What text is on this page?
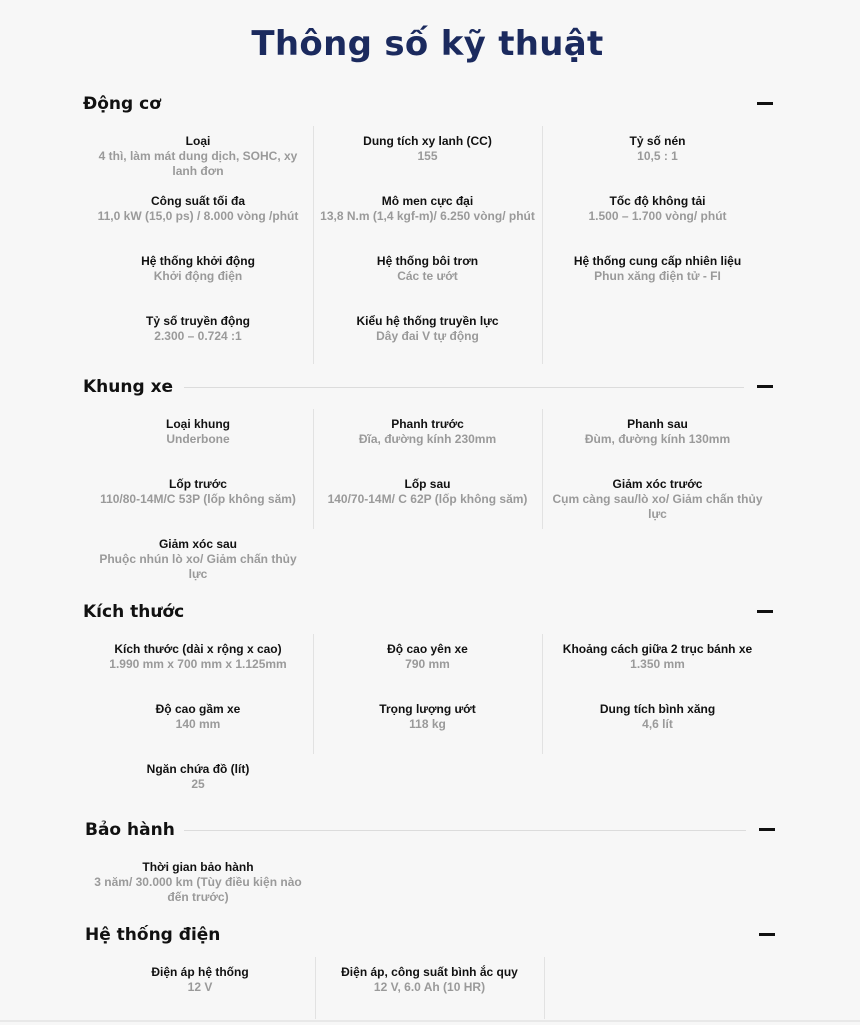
Thông số kỹ thuật
Động cơ
Loại
4 thì, làm mát dung dịch, SOHC, xy lanh đơn
Dung tích xy lanh (CC)
155
Tỷ số nén
10,5 : 1
Công suất tối đa
11,0 kW (15,0 ps) / 8.000 vòng /phút
Mô men cực đại
13,8 N.m (1,4 kgf-m)/ 6.250 vòng/ phút
Tốc độ không tải
1.500 – 1.700 vòng/ phút
Hệ thống khởi động
Khởi động điện
Hệ thống bôi trơn
Các te ướt
Hệ thống cung cấp nhiên liệu
Phun xăng điện tử - FI
Tỷ số truyền động
2.300 – 0.724 :1
Kiểu hệ thống truyền lực
Dây đai V tự động
Khung xe
Loại khung
Underbone
Phanh trước
Đĩa, đường kính 230mm
Phanh sau
Đùm, đường kính 130mm
Lốp trước
110/80-14M/C 53P (lốp không săm)
Lốp sau
140/70-14M/ C 62P (lốp không săm)
Giảm xóc trước
Cụm càng sau/lò xo/ Giảm chấn thủy lực
Giảm xóc sau
Phuộc nhún lò xo/ Giảm chấn thủy lực
Kích thước
Kích thước (dài x rộng x cao)
1.990 mm x 700 mm x 1.125mm
Độ cao yên xe
790 mm
Khoảng cách giữa 2 trục bánh xe
1.350 mm
Độ cao gầm xe
140 mm
Trọng lượng ướt
118 kg
Dung tích bình xăng
4,6 lít
Ngăn chứa đồ (lít)
25
Bảo hành
Thời gian bảo hành
3 năm/ 30.000 km (Tùy điều kiện nào đến trước)
Hệ thống điện
Điện áp hệ thống
12 V
Điện áp, công suất bình ắc quy
12 V, 6.0 Ah (10 HR)
